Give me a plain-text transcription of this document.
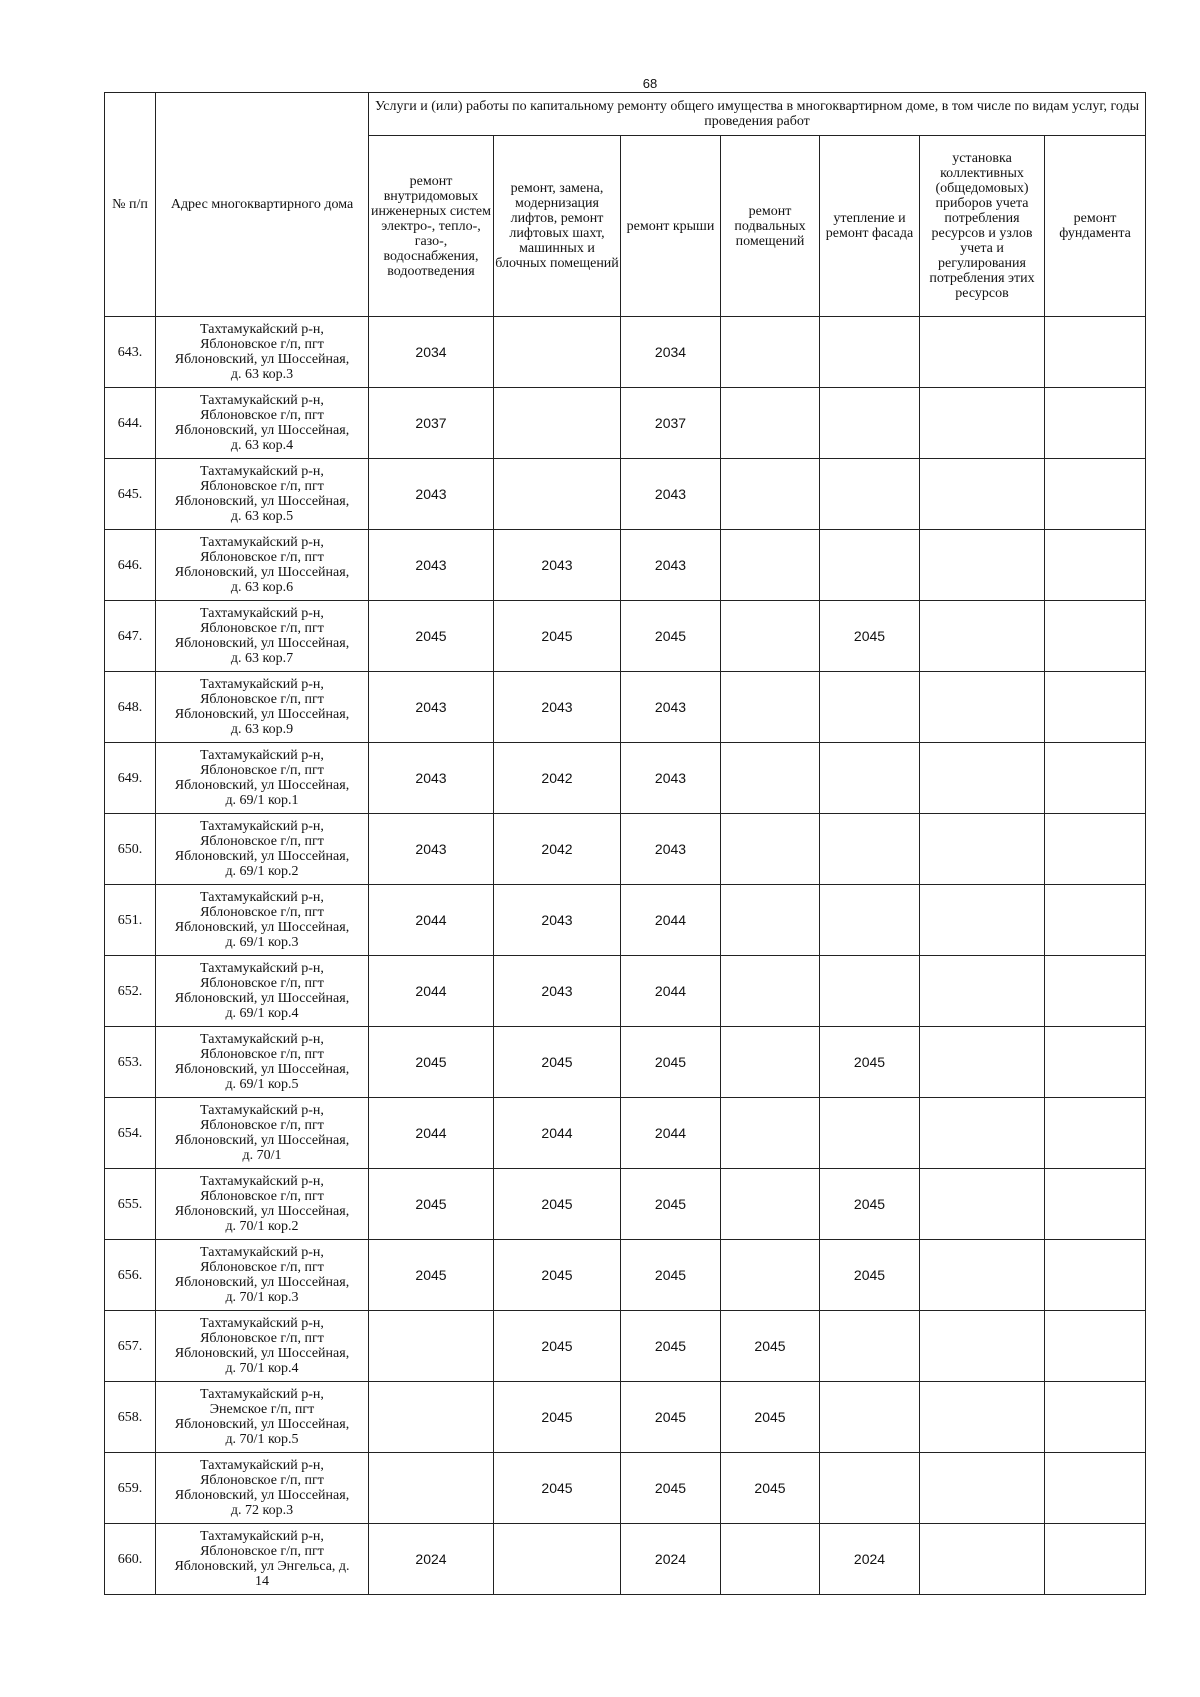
68
№ п/п	Адрес многоквартирного дома	Услуги и (или) работы по капитальному ремонту общего имущества в многоквартирном доме, в том числе по видам услуг, годы проведения работ						
		ремонт внутридомовых инженерных систем электро-, тепло-, газо-, водоснабжения, водоотведения	ремонт, замена, модернизация лифтов, ремонт лифтовых шахт, машинных и блочных помещений	ремонт крыши	ремонт подвальных помещений	утепление и ремонт фасада	установка коллективных (общедомовых) приборов учета потребления ресурсов и узлов учета и регулирования потребления этих ресурсов	ремонт фундамента
643.	Тахтамукайский р-н,
Яблоновское г/п, пгт
Яблоновский, ул Шоссейная,
д. 63 кор.3	2034		2034				
644.	Тахтамукайский р-н,
Яблоновское г/п, пгт
Яблоновский, ул Шоссейная,
д. 63 кор.4	2037		2037				
645.	Тахтамукайский р-н,
Яблоновское г/п, пгт
Яблоновский, ул Шоссейная,
д. 63 кор.5	2043		2043				
646.	Тахтамукайский р-н,
Яблоновское г/п, пгт
Яблоновский, ул Шоссейная,
д. 63 кор.6	2043	2043	2043				
647.	Тахтамукайский р-н,
Яблоновское г/п, пгт
Яблоновский, ул Шоссейная,
д. 63 кор.7	2045	2045	2045		2045		
648.	Тахтамукайский р-н,
Яблоновское г/п, пгт
Яблоновский, ул Шоссейная,
д. 63 кор.9	2043	2043	2043				
649.	Тахтамукайский р-н,
Яблоновское г/п, пгт
Яблоновский, ул Шоссейная,
д. 69/1 кор.1	2043	2042	2043				
650.	Тахтамукайский р-н,
Яблоновское г/п, пгт
Яблоновский, ул Шоссейная,
д. 69/1 кор.2	2043	2042	2043				
651.	Тахтамукайский р-н,
Яблоновское г/п, пгт
Яблоновский, ул Шоссейная,
д. 69/1 кор.3	2044	2043	2044				
652.	Тахтамукайский р-н,
Яблоновское г/п, пгт
Яблоновский, ул Шоссейная,
д. 69/1 кор.4	2044	2043	2044				
653.	Тахтамукайский р-н,
Яблоновское г/п, пгт
Яблоновский, ул Шоссейная,
д. 69/1 кор.5	2045	2045	2045		2045		
654.	Тахтамукайский р-н,
Яблоновское г/п, пгт
Яблоновский, ул Шоссейная,
д. 70/1	2044	2044	2044				
655.	Тахтамукайский р-н,
Яблоновское г/п, пгт
Яблоновский, ул Шоссейная,
д. 70/1 кор.2	2045	2045	2045		2045		
656.	Тахтамукайский р-н,
Яблоновское г/п, пгт
Яблоновский, ул Шоссейная,
д. 70/1 кор.3	2045	2045	2045		2045		
657.	Тахтамукайский р-н,
Яблоновское г/п, пгт
Яблоновский, ул Шоссейная,
д. 70/1 кор.4		2045	2045	2045			
658.	Тахтамукайский р-н,
Энемское г/п, пгт
Яблоновский, ул Шоссейная,
д. 70/1 кор.5		2045	2045	2045			
659.	Тахтамукайский р-н,
Яблоновское г/п, пгт
Яблоновский, ул Шоссейная,
д. 72 кор.3		2045	2045	2045			
660.	Тахтамукайский р-н,
Яблоновское г/п, пгт
Яблоновский, ул Энгельса, д.
14	2024		2024		2024		
